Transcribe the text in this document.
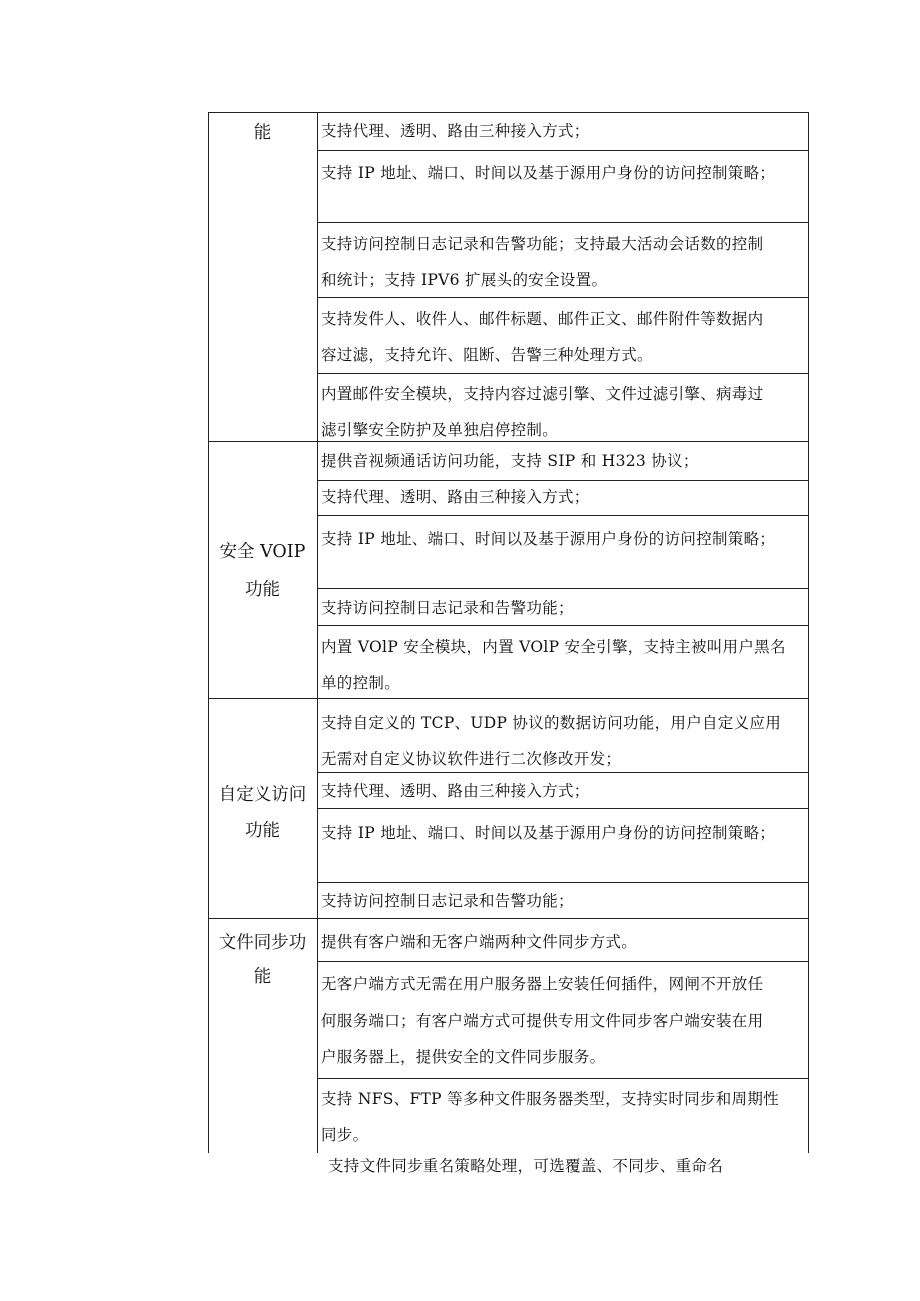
能	支持代理、透明、路由三种接入方式；
支持 IP 地址、端口、时间以及基于源用户身份的访问控制策略；
支持访问控制日志记录和告警功能；支持最大活动会话数的控制
和统计；支持 IPV6 扩展头的安全设置。
支持发件人、收件人、邮件标题、邮件正文、邮件附件等数据内
容过滤，支持允许、阻断、告警三种处理方式。
内置邮件安全模块，支持内容过滤引擎、文件过滤引擎、病毒过
滤引擎安全防护及单独启停控制。
安全 VOIP
功能
提供音视频通话访问功能，支持 SIP 和 H323 协议；
支持代理、透明、路由三种接入方式；
支持 IP 地址、端口、时间以及基于源用户身份的访问控制策略；
支持访问控制日志记录和告警功能；
内置 VOlP 安全模块，内置 VOlP 安全引擎，支持主被叫用户黑名
单的控制。
自定义访问
功能
支持自定义的 TCP、UDP 协议的数据访问功能，用户自定义应用
无需对自定义协议软件进行二次修改开发；
支持代理、透明、路由三种接入方式；
支持 IP 地址、端口、时间以及基于源用户身份的访问控制策略；
支持访问控制日志记录和告警功能；
文件同步功
能
提供有客户端和无客户端两种文件同步方式。
无客户端方式无需在用户服务器上安装任何插件，网闸不开放任
何服务端口；有客户端方式可提供专用文件同步客户端安装在用
户服务器上，提供安全的文件同步服务。
支持 NFS、FTP 等多种文件服务器类型，支持实时同步和周期性
同步。
支持文件同步重名策略处理，可选覆盖、不同步、重命名
